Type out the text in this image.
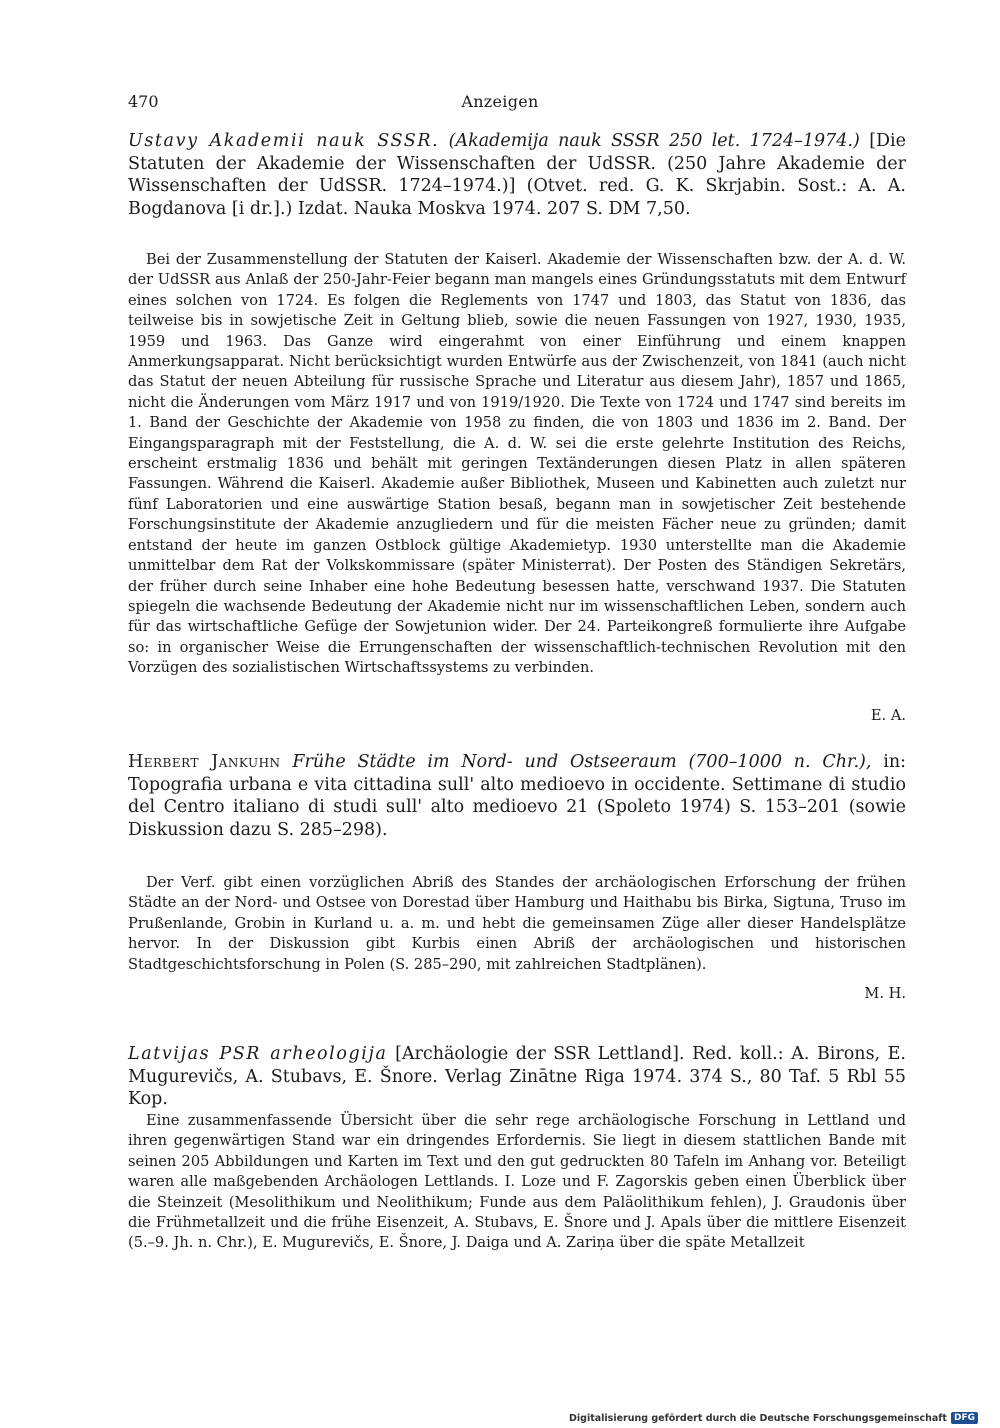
470	Anzeigen
Ustavy Akademii nauk SSSR. (Akademija nauk SSSR 250 let. 1724–1974.) [Die Statuten der Akademie der Wissenschaften der UdSSR. (250 Jahre Akademie der Wissenschaften der UdSSR. 1724–1974.)] (Otvet. red. G. K. Skrjabin. Sost.: A. A. Bogdanova [i dr.].) Izdat. Nauka Moskva 1974. 207 S. DM 7,50.

Bei der Zusammenstellung der Statuten der Kaiserl. Akademie der Wissenschaften bzw. der A. d. W. der UdSSR aus Anlaß der 250-Jahr-Feier begann man mangels eines Gründungsstatuts mit dem Entwurf eines solchen von 1724. Es folgen die Reglements von 1747 und 1803, das Statut von 1836, das teilweise bis in sowjetische Zeit in Geltung blieb, sowie die neuen Fassungen von 1927, 1930, 1935, 1959 und 1963. Das Ganze wird eingerahmt von einer Einführung und einem knappen Anmerkungsapparat. Nicht berücksichtigt wurden Entwürfe aus der Zwischenzeit, von 1841 (auch nicht das Statut der neuen Abteilung für russische Sprache und Literatur aus diesem Jahr), 1857 und 1865, nicht die Änderungen vom März 1917 und von 1919/1920. Die Texte von 1724 und 1747 sind bereits im 1. Band der Geschichte der Akademie von 1958 zu finden, die von 1803 und 1836 im 2. Band. Der Eingangsparagraph mit der Feststellung, die A. d. W. sei die erste gelehrte Institution des Reichs, erscheint erstmalig 1836 und behält mit geringen Textänderungen diesen Platz in allen späteren Fassungen. Während die Kaiserl. Akademie außer Bibliothek, Museen und Kabinetten auch zuletzt nur fünf Laboratorien und eine auswärtige Station besaß, begann man in sowjetischer Zeit bestehende Forschungsinstitute der Akademie anzugliedern und für die meisten Fächer neue zu gründen; damit entstand der heute im ganzen Ostblock gültige Akademietyp. 1930 unterstellte man die Akademie unmittelbar dem Rat der Volkskommissare (später Ministerrat). Der Posten des Ständigen Sekretärs, der früher durch seine Inhaber eine hohe Bedeutung besessen hatte, verschwand 1937. Die Statuten spiegeln die wachsende Bedeutung der Akademie nicht nur im wissenschaftlichen Leben, sondern auch für das wirtschaftliche Gefüge der Sowjetunion wider. Der 24. Parteikongreß formulierte ihre Aufgabe so: in organischer Weise die Errungenschaften der wissenschaftlich-technischen Revolution mit den Vorzügen des sozialistischen Wirtschaftssystems zu verbinden.

E. A.
Herbert Jankuhn Frühe Städte im Nord- und Ostseeraum (700–1000 n. Chr.), in: Topografia urbana e vita cittadina sull' alto medioevo in occidente. Settimane di studio del Centro italiano di studi sull' alto medioevo 21 (Spoleto 1974) S. 153–201 (sowie Diskussion dazu S. 285–298).

Der Verf. gibt einen vorzüglichen Abriß des Standes der archäologischen Erforschung der frühen Städte an der Nord- und Ostsee von Dorestad über Hamburg und Haithabu bis Birka, Sigtuna, Truso im Prußenlande, Grobin in Kurland u. a. m. und hebt die gemeinsamen Züge aller dieser Handelsplätze hervor. In der Diskussion gibt Kurbis einen Abriß der archäologischen und historischen Stadtgeschichtsforschung in Polen (S. 285–290, mit zahlreichen Stadtplänen).

M. H.
Latvijas PSR arheologija [Archäologie der SSR Lettland]. Red. koll.: A. Birons, E. Mugurevičs, A. Stubavs, E. Šnore. Verlag Zinātne Riga 1974. 374 S., 80 Taf. 5 Rbl 55 Kop.

Eine zusammenfassende Übersicht über die sehr rege archäologische Forschung in Lettland und ihren gegenwärtigen Stand war ein dringendes Erfordernis. Sie liegt in diesem stattlichen Bande mit seinen 205 Abbildungen und Karten im Text und den gut gedruckten 80 Tafeln im Anhang vor. Beteiligt waren alle maßgebenden Archäologen Lettlands. I. Loze und F. Zagorskis geben einen Überblick über die Steinzeit (Mesolithikum und Neolithikum; Funde aus dem Paläolithikum fehlen), J. Graudonis über die Frühmetallzeit und die frühe Eisenzeit, A. Stubavs, E. Šnore und J. Apals über die mittlere Eisenzeit (5.–9. Jh. n. Chr.), E. Mugurevičs, E. Šnore, J. Daiga und A. Zariņa über die späte Metallzeit

Digitalisierung gefördert durch die Deutsche Forschungsgemeinschaft DFG
